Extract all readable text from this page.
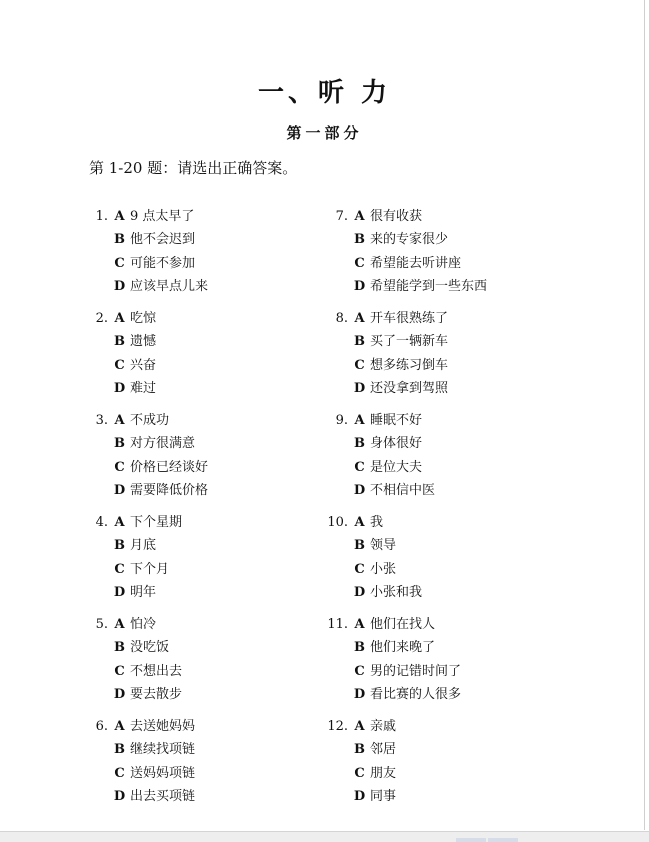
一、听 力
第一部分
第 1-20 题：请选出正确答案。
1. A 9 点太早了
B 他不会迟到
C 可能不参加
D 应该早点儿来
2. A 吃惊
B 遗憾
C 兴奋
D 难过
3. A 不成功
B 对方很满意
C 价格已经谈好
D 需要降低价格
4. A 下个星期
B 月底
C 下个月
D 明年
5. A 怕冷
B 没吃饭
C 不想出去
D 要去散步
6. A 去送她妈妈
B 继续找项链
C 送妈妈项链
D 出去买项链
7. A 很有收获
B 来的专家很少
C 希望能去听讲座
D 希望能学到一些东西
8. A 开车很熟练了
B 买了一辆新车
C 想多练习倒车
D 还没拿到驾照
9. A 睡眠不好
B 身体很好
C 是位大夫
D 不相信中医
10. A 我
B 领导
C 小张
D 小张和我
11. A 他们在找人
B 他们来晚了
C 男的记错时间了
D 看比赛的人很多
12. A 亲戚
B 邻居
C 朋友
D 同事
